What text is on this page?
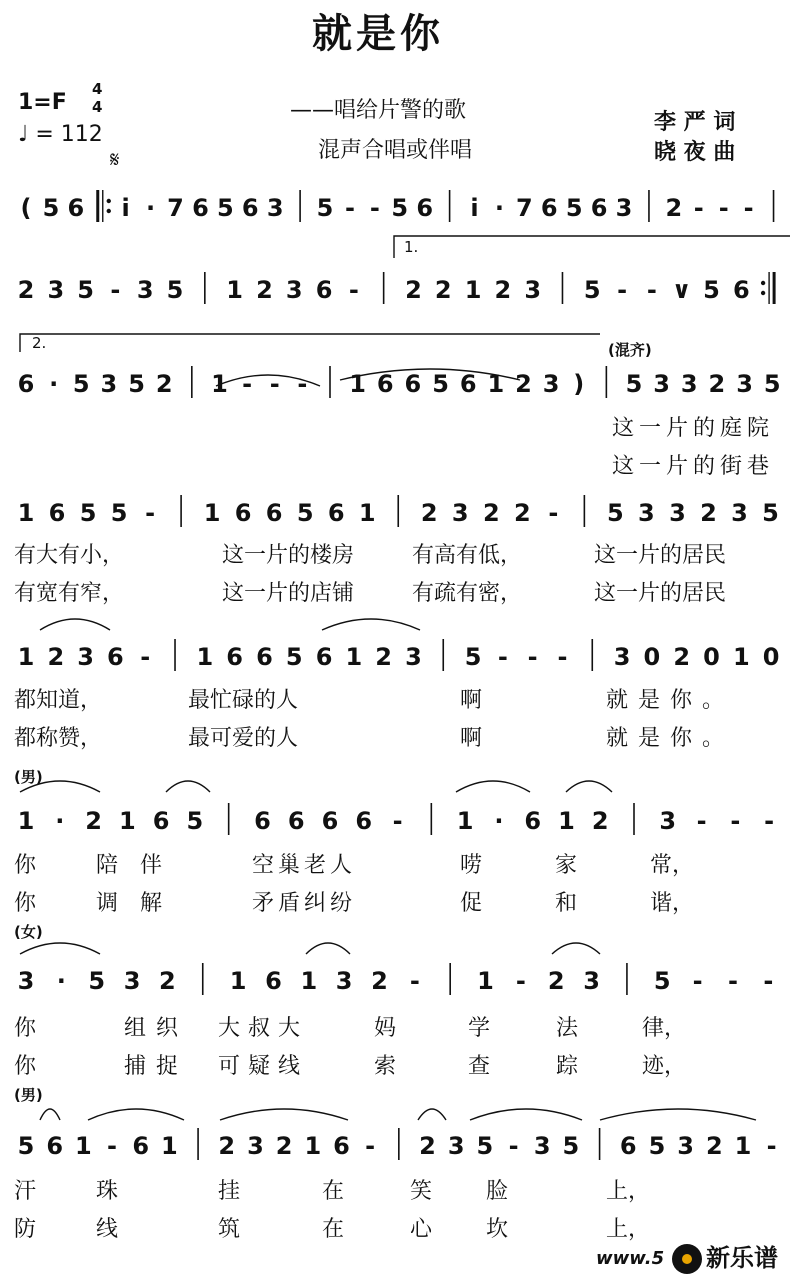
( 5 6 i · 7 6 5 6 3 5 - - 5 6 i · 7 6 5 6 3 2 - - -
2 3 5 - 3 5 1 2 3 6 - 2 2 1 2 3 5 - - ∨ 5 6
6 · 5 3 5 2 1 - - - 1 6 6 5 6 1 2 3 ) 5 3 3 2 3 5
1 6 5 5 - 1 6 6 5 6 1 2 3 2 2 - 5 3 3 2 3 5
1 2 3 6 - 1 6 6 5 6 1 2 3 5 - - - 3 0 2 0 1 0
1 · 2 1 6 5 6 6 6 6 - 1 · 6 1 2 3 - - -
3 · 5 3 2 1 6 1 3 2 - 1 - 2 3 5 - - -
5 6 1 - 6 1 2 3 2 1 6 - 2 3 5 - 3 5 6 5 3 2 1 -
就是你
1=F
4
4
♩ = 112
——唱给片警的歌
混声合唱或伴唱
李 严 词
晓 夜 曲
𝄋
1.
2.	(混齐)
这一片的庭院
这一片的街巷
有大有小，	这一片的楼房	有高有低，	这一片的居民
有宽有窄，	这一片的店铺	有疏有密，	这一片的居民
都知道，	最忙碌的人	啊	就是你。
都称赞，	最可爱的人	啊	就是你。
(男)
你	陪伴	空巢老人	唠	家	常，
你	调解	矛盾纠纷	促	和	谐，
(女)
你	组织 大叔大	妈	学	法	律，
你	捕捉 可疑线	索	查	踪	迹，
(男)
汗	珠	挂	在	笑 脸	上，
防	线	筑	在	心 坎	上，
www.5 新乐谱
